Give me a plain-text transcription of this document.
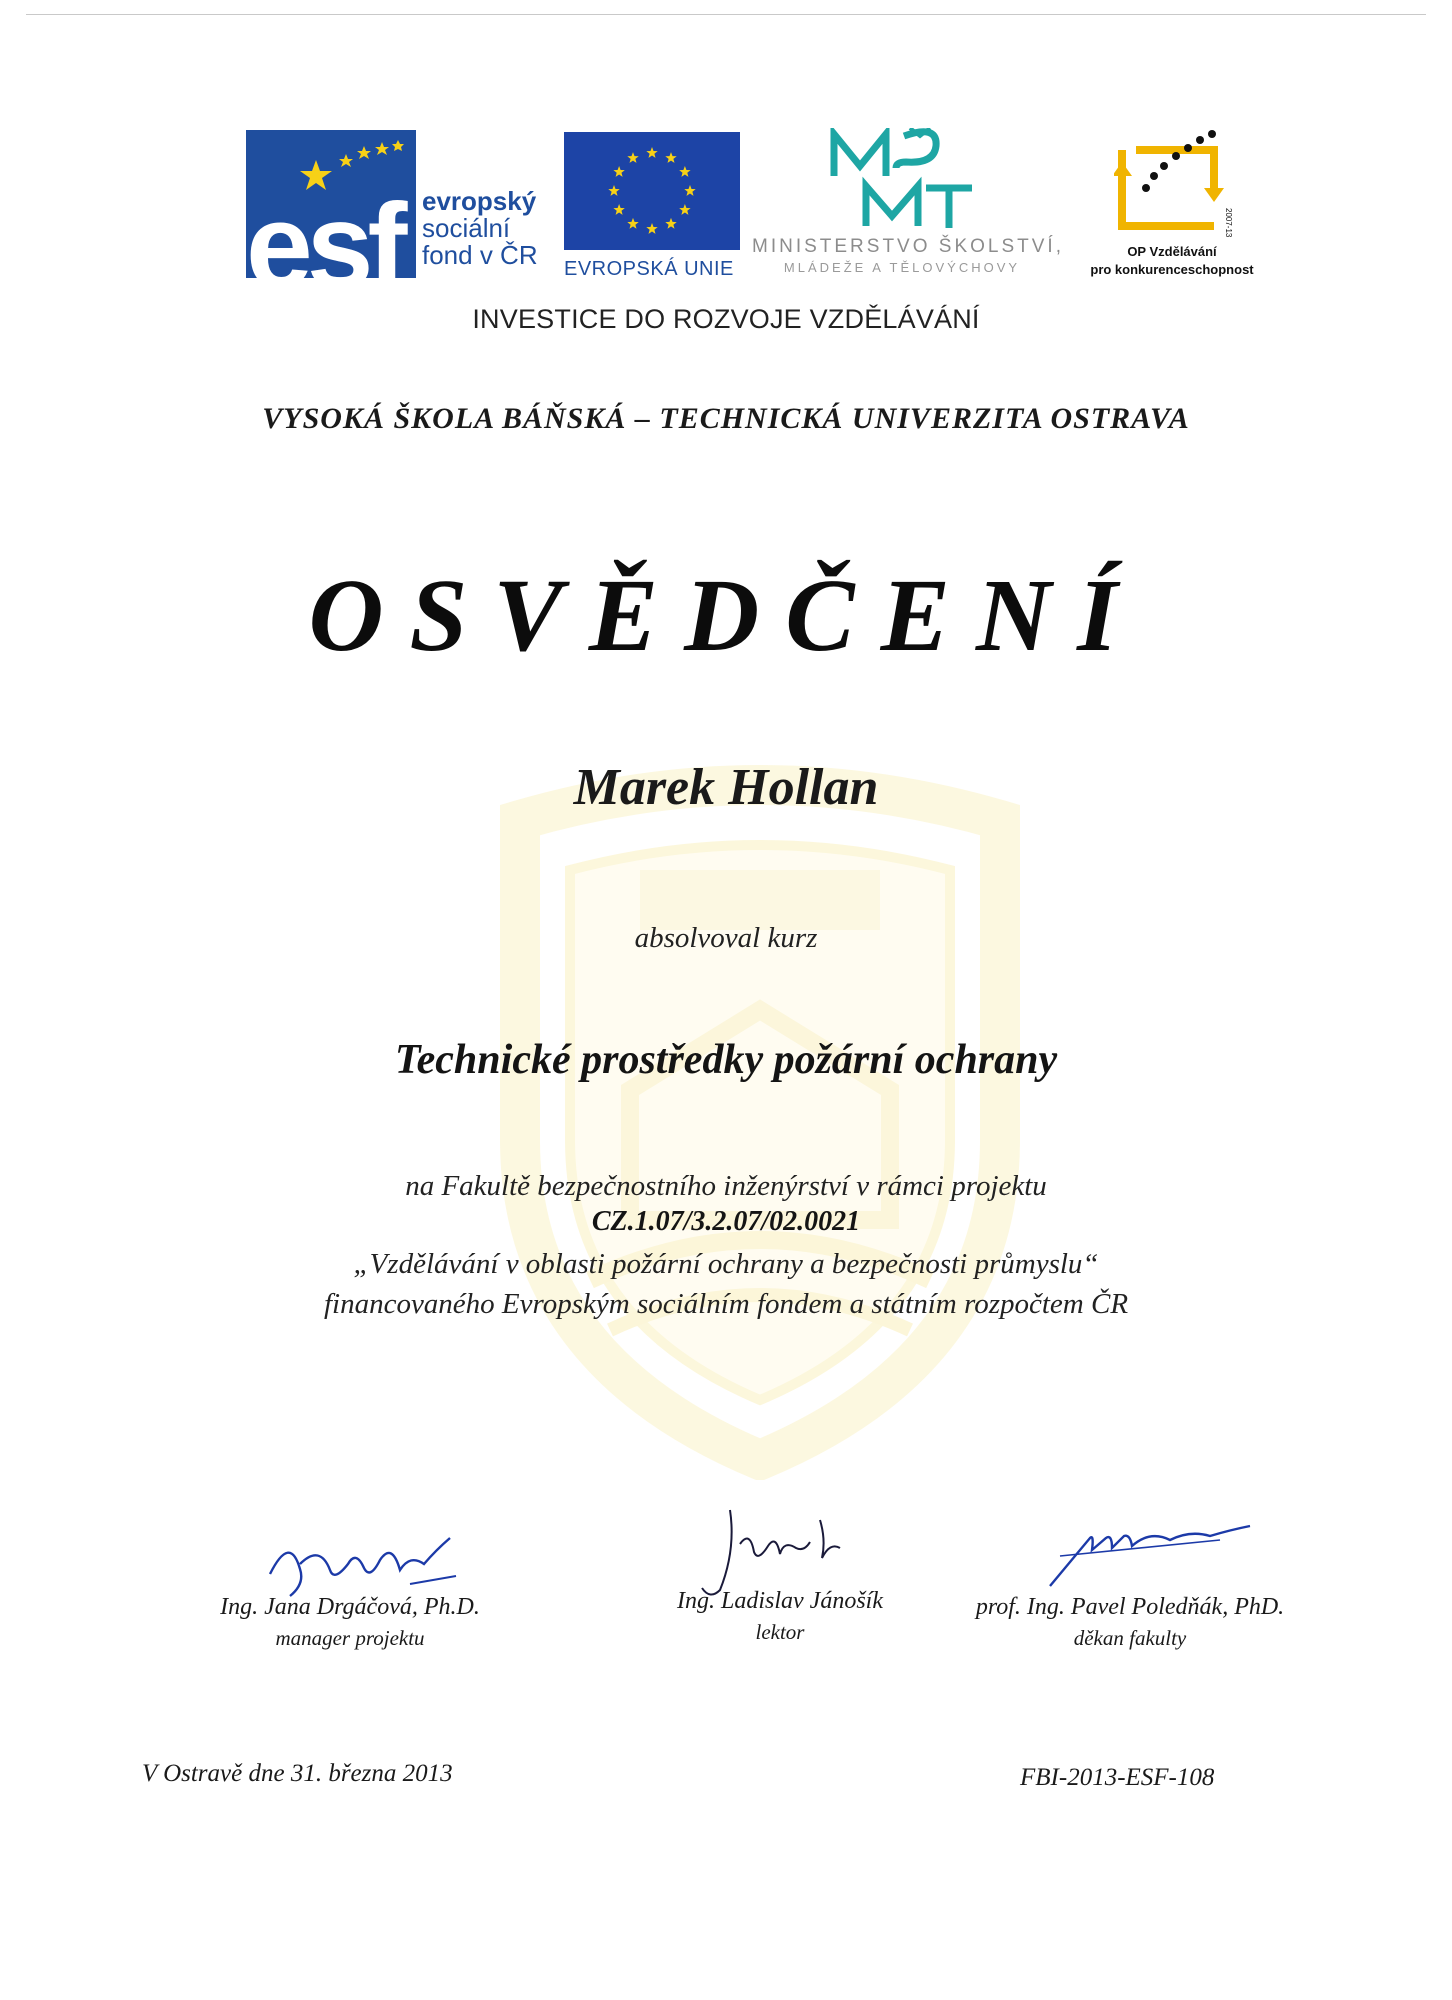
esf evropský
sociální
fond v ČR EVROPSKÁ UNIE
MINISTERSTVO ŠKOLSTVÍ,
MLÁDEŽE A TĚLOVÝCHOVY
2007-13
OP Vzdělávání
pro konkurenceschopnost
INVESTICE DO ROZVOJE VZDĚLÁVÁNÍ
VYSOKÁ ŠKOLA BÁŇSKÁ – TECHNICKÁ UNIVERZITA OSTRAVA
OSVĚDČENÍ
Marek Hollan
absolvoval kurz
Technické prostředky požární ochrany
na Fakultě bezpečnostního inženýrství v rámci projektu
CZ.1.07/3.2.07/02.0021
„Vzdělávání v oblasti požární ochrany a bezpečnosti průmyslu“
financovaného Evropským sociálním fondem a státním rozpočtem ČR
Ing. Jana Drgáčová, Ph.D.
manager projektu
Ing. Ladislav Jánošík
lektor
prof. Ing. Pavel Poledňák, PhD.
děkan fakulty
V Ostravě dne 31. března 2013	FBI-2013-ESF-108
